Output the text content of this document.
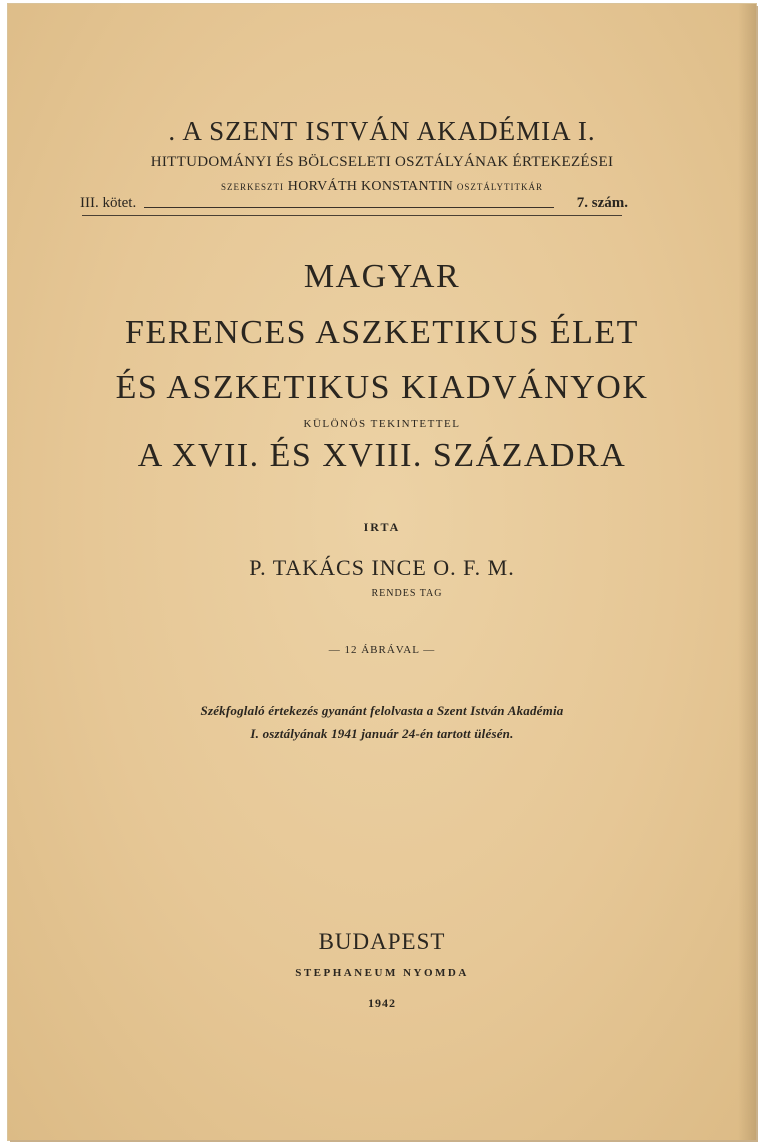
. A SZENT ISTVÁN AKADÉMIA I.
HITTUDOMÁNYI ÉS BÖLCSELETI OSZTÁLYÁNAK ÉRTEKEZÉSEI
SZERKESZTI HORVÁTH KONSTANTIN OSZTÁLYTITKÁR
III. kötet.	7. szám.
MAGYAR
FERENCES ASZKETIKUS ÉLET
ÉS ASZKETIKUS KIADVÁNYOK
KÜLÖNÖS TEKINTETTEL
A XVII. ÉS XVIII. SZÁZADRA
IRTA
P. TAKÁCS INCE O. F. M.
RENDES TAG
— 12 ÁBRÁVAL —
Székfoglaló értekezés gyanánt felolvasta a Szent István Akadémia
I. osztályának 1941 január 24-én tartott ülésén.
BUDAPEST
STEPHANEUM NYOMDA
1942
